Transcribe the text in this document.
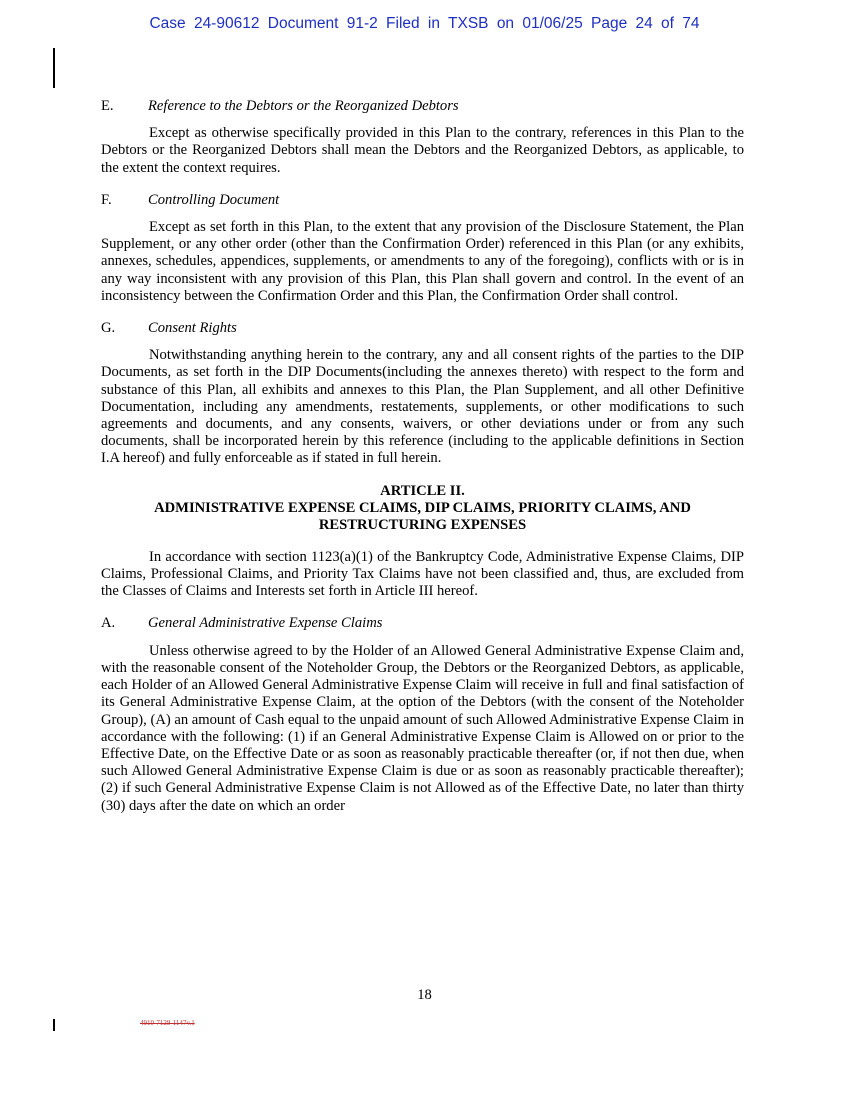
Case 24-90612 Document 91-2 Filed in TXSB on 01/06/25 Page 24 of 74
E.	Reference to the Debtors or the Reorganized Debtors

Except as otherwise specifically provided in this Plan to the contrary, references in this Plan to the Debtors or the Reorganized Debtors shall mean the Debtors and the Reorganized Debtors, as applicable, to the extent the context requires.

F.	Controlling Document

Except as set forth in this Plan, to the extent that any provision of the Disclosure Statement, the Plan Supplement, or any other order (other than the Confirmation Order) referenced in this Plan (or any exhibits, annexes, schedules, appendices, supplements, or amendments to any of the foregoing), conflicts with or is in any way inconsistent with any provision of this Plan, this Plan shall govern and control. In the event of an inconsistency between the Confirmation Order and this Plan, the Confirmation Order shall control.

G.	Consent Rights

Notwithstanding anything herein to the contrary, any and all consent rights of the parties to the DIP Documents, as set forth in the DIP Documents(including the annexes thereto) with respect to the form and substance of this Plan, all exhibits and annexes to this Plan, the Plan Supplement, and all other Definitive Documentation, including any amendments, restatements, supplements, or other modifications to such agreements and documents, and any consents, waivers, or other deviations under or from any such documents, shall be incorporated herein by this reference (including to the applicable definitions in Section I.A hereof) and fully enforceable as if stated in full herein.

ARTICLE II.
ADMINISTRATIVE EXPENSE CLAIMS, DIP CLAIMS, PRIORITY CLAIMS, AND
RESTRUCTURING EXPENSES

In accordance with section 1123(a)(1) of the Bankruptcy Code, Administrative Expense Claims, DIP Claims, Professional Claims, and Priority Tax Claims have not been classified and, thus, are excluded from the Classes of Claims and Interests set forth in Article III hereof.

A.	General Administrative Expense Claims

Unless otherwise agreed to by the Holder of an Allowed General Administrative Expense Claim and, with the reasonable consent of the Noteholder Group, the Debtors or the Reorganized Debtors, as applicable, each Holder of an Allowed General Administrative Expense Claim will receive in full and final satisfaction of its General Administrative Expense Claim, at the option of the Debtors (with the consent of the Noteholder Group), (A) an amount of Cash equal to the unpaid amount of such Allowed Administrative Expense Claim in accordance with the following: (1) if an General Administrative Expense Claim is Allowed on or prior to the Effective Date, on the Effective Date or as soon as reasonably practicable thereafter (or, if not then due, when such Allowed General Administrative Expense Claim is due or as soon as reasonably practicable thereafter); (2) if such General Administrative Expense Claim is not Allowed as of the Effective Date, no later than thirty (30) days after the date on which an order

18
4910-7129-1147v.1
